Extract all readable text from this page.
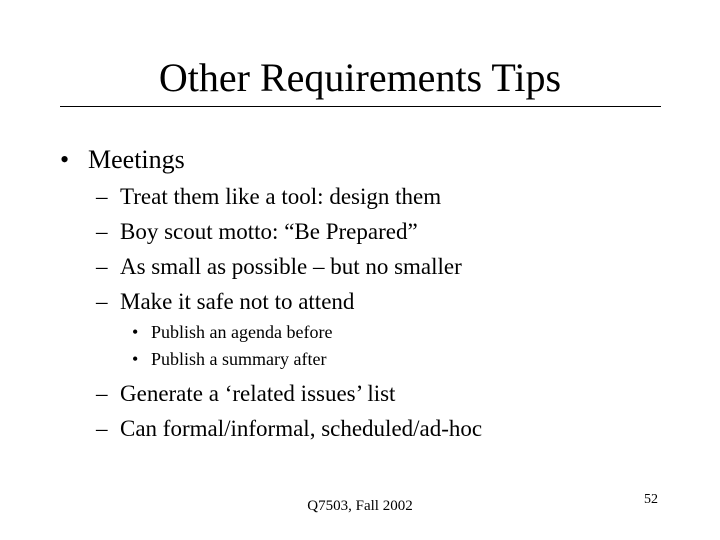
Other Requirements Tips
• Meetings
– Treat them like a tool: design them
– Boy scout motto: “Be Prepared”
– As small as possible – but no smaller
– Make it safe not to attend
• Publish an agenda before
• Publish a summary after
– Generate a ‘related issues’ list
– Can formal/informal, scheduled/ad-hoc
Q7503, Fall 2002	52
